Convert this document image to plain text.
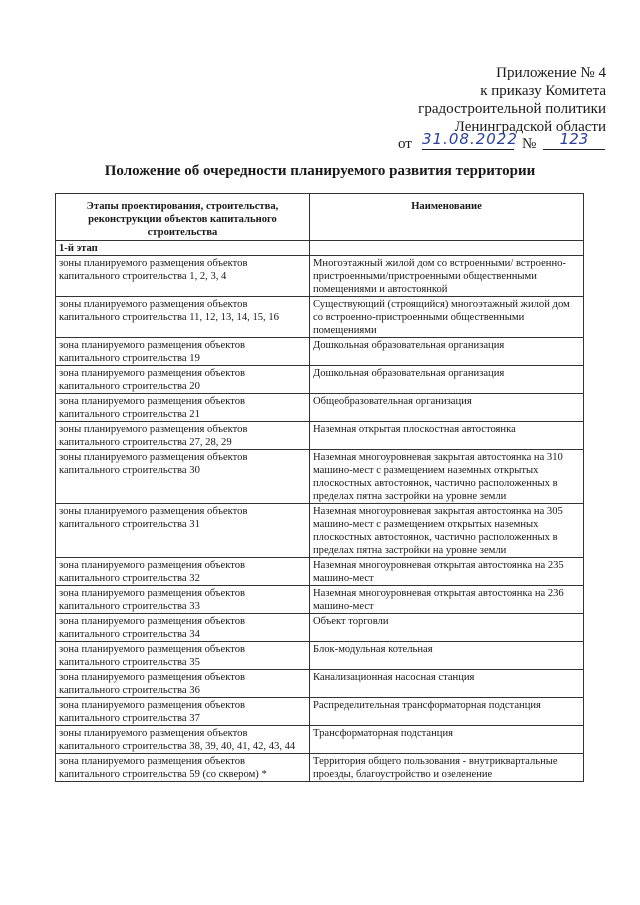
Приложение № 4
к приказу Комитета
градостроительной политики
Ленинградской области
от 31.08.2022 №	123
Положение об очередности планируемого развития территории
Этапы проектирования, строительства, реконструкции объектов капитального строительства	Наименование
1-й этап	
зоны планируемого размещения объектов капитального строительства 1, 2, 3, 4	Многоэтажный жилой дом со встроенными/ встроенно-пристроенными/пристроенными общественными помещениями и автостоянкой
зоны планируемого размещения объектов капитального строительства 11, 12, 13, 14, 15, 16	Существующий (строящийся) многоэтажный жилой дом со встроенно-пристроенными общественными помещениями
зона планируемого размещения объектов капитального строительства 19	Дошкольная образовательная организация
зона планируемого размещения объектов капитального строительства 20	Дошкольная образовательная организация
зона планируемого размещения объектов капитального строительства 21	Общеобразовательная организация
зоны планируемого размещения объектов капитального строительства 27, 28, 29	Наземная открытая плоскостная автостоянка
зоны планируемого размещения объектов капитального строительства 30	Наземная многоуровневая закрытая автостоянка на 310 машино-мест с размещением наземных открытых плоскостных автостоянок, частично расположенных в пределах пятна застройки на уровне земли
зоны планируемого размещения объектов капитального строительства 31	Наземная многоуровневая закрытая автостоянка на 305 машино-мест с размещением открытых наземных плоскостных автостоянок, частично расположенных в пределах пятна застройки на уровне земли
зона планируемого размещения объектов капитального строительства 32	Наземная многоуровневая открытая автостоянка на 235 машино-мест
зона планируемого размещения объектов капитального строительства 33	Наземная многоуровневая открытая автостоянка на 236 машино-мест
зона планируемого размещения объектов капитального строительства 34	Объект торговли
зона планируемого размещения объектов капитального строительства 35	Блок-модульная котельная
зона планируемого размещения объектов капитального строительства 36	Канализационная насосная станция
зона планируемого размещения объектов капитального строительства 37	Распределительная трансформаторная подстанция
зоны планируемого размещения объектов капитального строительства 38, 39, 40, 41, 42, 43, 44	Трансформаторная подстанция
зона планируемого размещения объектов капитального строительства 59 (со сквером) *	Территория общего пользования - внутриквартальные проезды, благоустройство и озеленение
